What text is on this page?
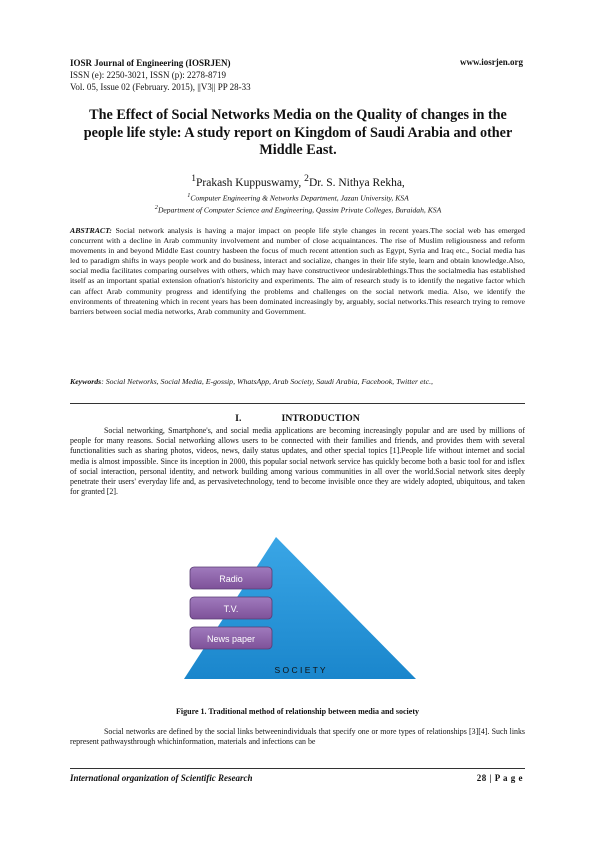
IOSR Journal of Engineering (IOSRJEN)
ISSN (e): 2250-3021, ISSN (p): 2278-8719
Vol. 05, Issue 02 (February. 2015), ||V3|| PP 28-33
www.iosrjen.org
The Effect of Social Networks Media on the Quality of changes in the people life style: A study report on Kingdom of Saudi Arabia and other Middle East.
$^1$Prakash Kuppuswamy, $^2$Dr. S. Nithya Rekha,
$^1$Computer Engineering & Networks Department, Jazan University, KSA
$^2$Department of Computer Science and Engineering, Qassim Private Colleges, Buraidah, KSA
ABSTRACT: Social network analysis is having a major impact on people life style changes in recent years.The social web has emerged concurrent with a decline in Arab community involvement and number of close acquaintances. The rise of Muslim religiousness and reform movements in and beyond Middle East country hasbeen the focus of much recent attention such as Egypt, Syria and Iraq etc., Social media has led to paradigm shifts in ways people work and do business, interact and socialize, changes in their life style, learn and obtain knowledge.Also, social media facilitates comparing ourselves with others, which may have constructiveor undesirablethings.Thus the socialmedia has established itself as an important spatial extension ofnation's historicity and experiments. The aim of research study is to identify the negative factor which can affect Arab community progress and identifying the problems and challenges on the social network media. Also, we identify the environments of threatening which in recent years has been dominated increasingly by, arguably, social networks.This research trying to remove barriers between social media networks, Arab community and Government.
Keywords: Social Networks, Social Media, E-gossip, WhatsApp, Arab Society, Saudi Arabia, Facebook, Twitter etc.,
I.	INTRODUCTION
Social networking, Smartphone's, and social media applications are becoming increasingly popular and are used by millions of people for many reasons. Social networking allows users to be connected with their families and friends, and provides them with several functionalities such as sharing photos, videos, news, daily status updates, and other special topics [1].People life without internet and social media is almost impossible. Since its inception in 2000, this popular social network service has quickly become both a basic tool for and isflex of social interaction, personal identity, and network building among various communities in all over the world.Social network sites deeply penetrate their users' everyday life and, as pervasivetechnology, tend to become invisible once they are widely adopted, ubiquitous, and taken for granted [2].
Radio
T.V.
News paper
S O C I E T Y
Figure 1. Traditional method of relationship between media and society
Social networks are defined by the social links betweenindividuals that specify one or more types of relationships [3][4]. Such links represent pathwaysthrough whichinformation, materials and infections can be
International organization of Scientific Research	28 | P a g e
